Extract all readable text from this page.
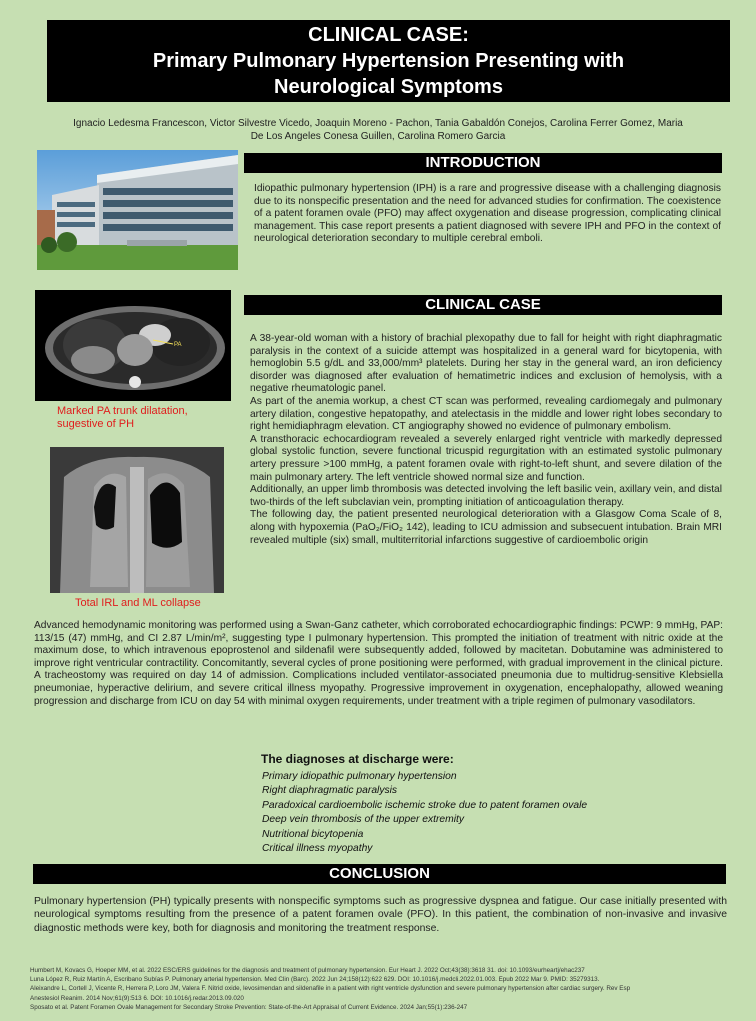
CLINICAL CASE:
Primary Pulmonary Hypertension Presenting with
Neurological Symptoms
Ignacio Ledesma Francescon, Victor Silvestre Vicedo, Joaquin Moreno - Pachon, Tania Gabaldón Conejos, Carolina Ferrer Gomez, Maria
De Los Angeles Conesa Guillen, Carolina Romero Garcia
INTRODUCTION
Idiopathic pulmonary hypertension (IPH) is a rare and progressive disease with a challenging diagnosis due to its nonspecific presentation and the need for advanced studies for confirmation. The coexistence of a patent foramen ovale (PFO) may affect oxygenation and disease progression, complicating clinical management. This case report presents a patient diagnosed with severe IPH and PFO in the context of neurological deterioration secondary to multiple cerebral emboli.
CLINICAL CASE
PA
Marked PA trunk dilatation, sugestive of PH
Total IRL and ML collapse

A 38-year-old woman with a history of brachial plexopathy due to fall for height with right diaphragmatic paralysis in the context of a suicide attempt was hospitalized in a general ward for bicytopenia, with hemoglobin 5.5 g/dL and 33,000/mm³ platelets. During her stay in the general ward, an iron deficiency disorder was diagnosed after evaluation of hematimetric indices and exclusion of hemolysis, with a negative rheumatologic panel.

As part of the anemia workup, a chest CT scan was performed, revealing cardiomegaly and pulmonary artery dilation, congestive hepatopathy, and atelectasis in the middle and lower right lobes secondary to right hemidiaphragm elevation. CT angiography showed no evidence of pulmonary embolism.

A transthoracic echocardiogram revealed a severely enlarged right ventricle with markedly depressed global systolic function, severe functional tricuspid regurgitation with an estimated systolic pulmonary artery pressure >100 mmHg, a patent foramen ovale with right-to-left shunt, and severe dilation of the main pulmonary artery. The left ventricle showed normal size and function.

Additionally, an upper limb thrombosis was detected involving the left basilic vein, axillary vein, and distal two-thirds of the left subclavian vein, prompting initiation of anticoagulation therapy.

The following day, the patient presented neurological deterioration with a Glasgow Coma Scale of 8, along with hypoxemia (PaO₂/FiO₂ 142), leading to ICU admission and subsecuent intubation. Brain MRI revealed multiple (six) small, multiterritorial infarctions suggestive of cardioembolic origin

Advanced hemodynamic monitoring was performed using a Swan-Ganz catheter, which corroborated echocardiographic findings: PCWP: 9 mmHg, PAP: 113/15 (47) mmHg, and CI 2.87 L/min/m², suggesting type I pulmonary hypertension. This prompted the initiation of treatment with nitric oxide at the maximum dose, to which intravenous epoprostenol and sildenafil were subsequently added, followed by macitetan. Dobutamine was administered to improve right ventricular contractility. Concomitantly, several cycles of prone positioning were performed, with gradual improvement in the clinical picture. A tracheostomy was required on day 14 of admission. Complications included ventilator-associated pneumonia due to multidrug-sensitive Klebsiella pneumoniae, hyperactive delirium, and severe critical illness myopathy. Progressive improvement in oxygenation, encephalopathy, allowed weaning progression and discharge from ICU on day 54 with minimal oxygen requirements, under treatment with a triple regimen of pulmonary vasodilators.
The diagnoses at discharge were:
Primary idiopathic pulmonary hypertension
Right diaphragmatic paralysis
Paradoxical cardioembolic ischemic stroke due to patent foramen ovale
Deep vein thrombosis of the upper extremity
Nutritional bicytopenia
Critical illness myopathy
CONCLUSION
Pulmonary hypertension (PH) typically presents with nonspecific symptoms such as progressive dyspnea and fatigue. Our case initially presented with neurological symptoms resulting from the presence of a patent foramen ovale (PFO). In this patient, the combination of non-invasive and invasive diagnostic methods were key, both for diagnosis and monitoring the treatment response.
Humbert M, Kovacs G, Hoeper MM, et al. 2022 ESC/ERS guidelines for the diagnosis and treatment of pulmonary hypertension. Eur Heart J. 2022 Oct;43(38):3618 31. doi: 10.1093/eurheartj/ehac237
Luna López R, Ruiz Martín A, Escribano Subías P. Pulmonary arterial hypertension. Med Clin (Barc). 2022 Jun 24;158(12):622 629. DOI: 10.1016/j.medcli.2022.01.003. Epub 2022 Mar 9. PMID: 35279313.
Aleixandre L, Cortell J, Vicente R, Herrera P, Loro JM, Valera F. Nitrid oxide, levosimendan and sildenafile in a patient with right ventricle dysfunction and severe pulmonary hypertension after cardiac surgery. Rev Esp
Anestesiol Reanim. 2014 Nov;61(9):513 6. DOI: 10.1016/j.redar.2013.09.020
Sposato et al. Patent Foramen Ovale Management for Secondary Stroke Prevention: State-of-the-Art Appraisal of Current Evidence. 2024 Jan;55(1):236-247
